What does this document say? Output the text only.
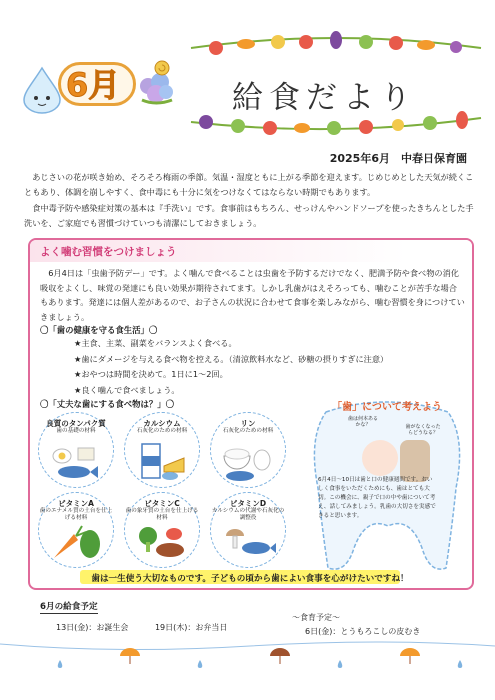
6月	給食だより
2025年6月　中春日保育園

あじさいの花が咲き始め、そろそろ梅雨の季節。気温・湿度ともに上がる季節を迎えます。じめじめとした天気が続くこともあり、体調を崩しやすく、食中毒にも十分に気をつけなくてはならない時期でもあります。

食中毒予防や感染症対策の基本は『手洗い』です。食事前はもちろん、せっけんやハンドソープを使ったきちんとした手洗いを、ご家庭でも習慣づけていつも清潔にしておきましょう。

よく噛む習慣をつけましょう
6月4日は「虫歯予防デー」です。よく噛んで食べることは虫歯を予防するだけでなく、肥満予防や食べ物の消化吸収をよくし、味覚の発達にも良い効果が期待されてます。しかし乳歯がはえそろっても、噛むことが苦手な場合もあります。発達には個人差があるので、お子さんの状況に合わせて食事を楽しみながら、噛む習慣を身につけていきましょう。
〇「歯の健康を守る食生活」〇
★主食、主菜、副菜をバランスよく食べる。
★歯にダメージを与える食べ物を控える。（清涼飲料水など、砂糖の摂りすぎに注意）
★おやつは時間を決めて。1日に1～2回。
★良く噛んで食べましょう。
〇「丈夫な歯にする食べ物は？」〇
良質のタンパク質
歯の基礎の材料
カルシウム
石灰化のための材料
リン
石灰化のための材料
ビタミンA
歯のエナメル質の土台を仕上げる材料
ビタミンC
歯の象牙質の土台を仕上げる材料
ビタミンD
カルシウムの代謝や石灰化の調整役
「歯」について考えよう
歯は何本あるかな？	歯がなくなったらどうなる？
6月4日～10日は歯と口の健康週間です。おいしく食事をいただくためにも、歯はとても大切。この機会に、親子で口の中や歯について考え、話してみましょう。乳歯の大切さを実感できると思います。
歯は一生使う大切なものです。子どもの頃から歯によい食事を心がけたいですね！
6月の給食予定
13日(金)：お誕生会	19日(木)：お弁当日
～食育予定～
6日(金)：とうもろこしの皮むき
